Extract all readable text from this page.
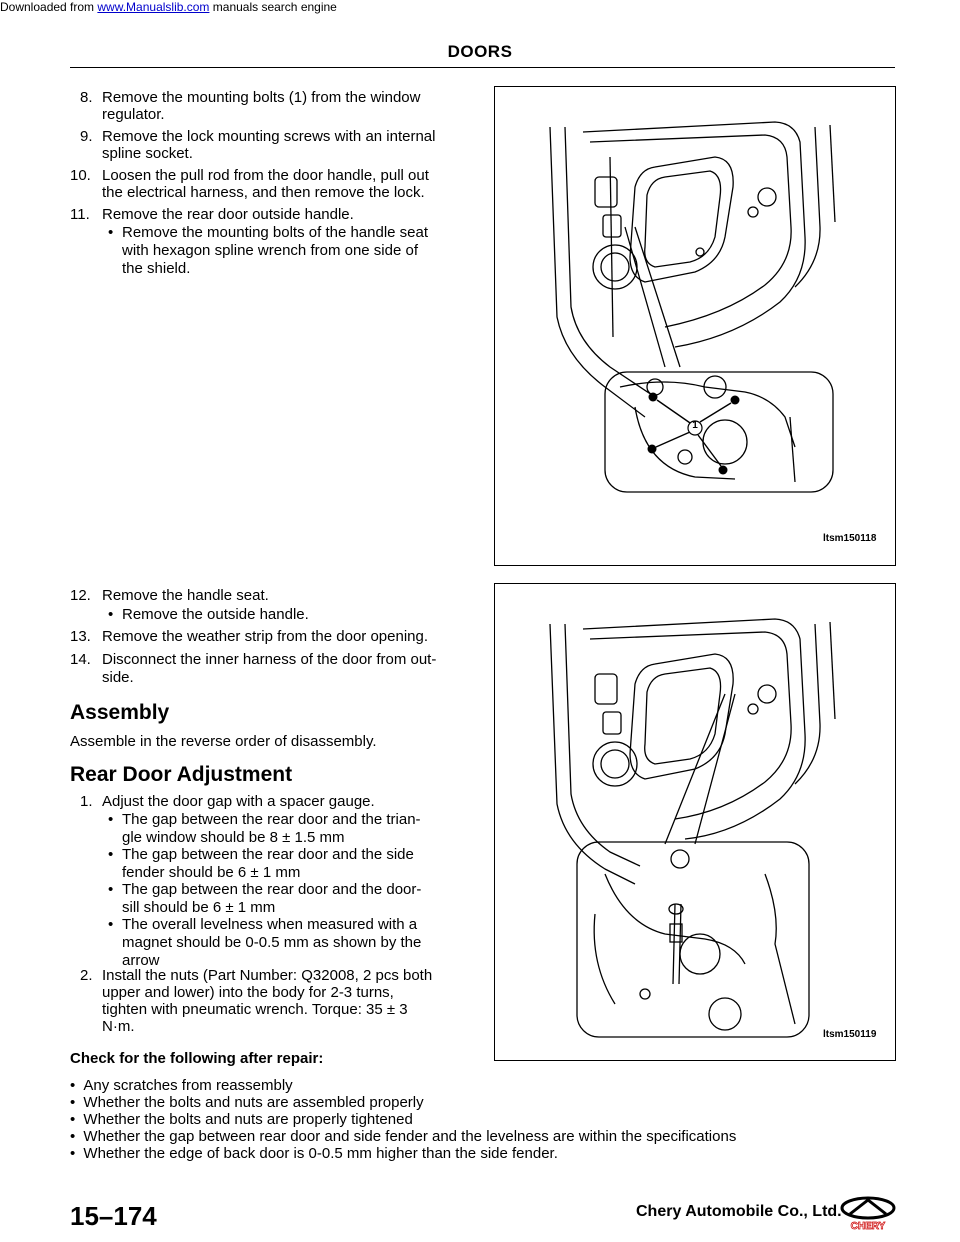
Downloaded from www.Manualslib.com manuals search engine
DOORS
8. Remove the mounting bolts (1) from the window
regulator.
9. Remove the lock mounting screws with an internal
spline socket.
10. Loosen the pull rod from the door handle, pull out
the electrical harness, and then remove the lock.
11. Remove the rear door outside handle.
• Remove the mounting bolts of the handle seat
with hexagon spline wrench from one side of
the shield.
12. Remove the handle seat.
13. Remove the weather strip from the door opening.
14. Disconnect the inner harness of the door from out-
side.
• Remove the outside handle.
Assembly
Assemble in the reverse order of disassembly.
Rear Door Adjustment
1. Adjust the door gap with a spacer gauge.
• The gap between the rear door and the trian-
gle window should be 8 ± 1.5 mm
• The gap between the rear door and the side
fender should be 6 ± 1 mm
• The gap between the rear door and the door-
sill should be 6 ± 1 mm
• The overall levelness when measured with a
magnet should be 0-0.5 mm as shown by the
arrow
2. Install the nuts (Part Number: Q32008, 2 pcs both
upper and lower) into the body for 2-3 turns,
tighten with pneumatic wrench. Torque: 35 ± 3
N·m.
Check for the following after repair:
• Any scratches from reassembly
• Whether the bolts and nuts are assembled properly
• Whether the bolts and nuts are properly tightened
• Whether the gap between rear door and side fender and the levelness are within the specifications
• Whether the edge of back door is 0-0.5 mm higher than the side fender.
1
ltsm150118
ltsm150119
15–174	Chery Automobile Co., Ltd.
CHERY
